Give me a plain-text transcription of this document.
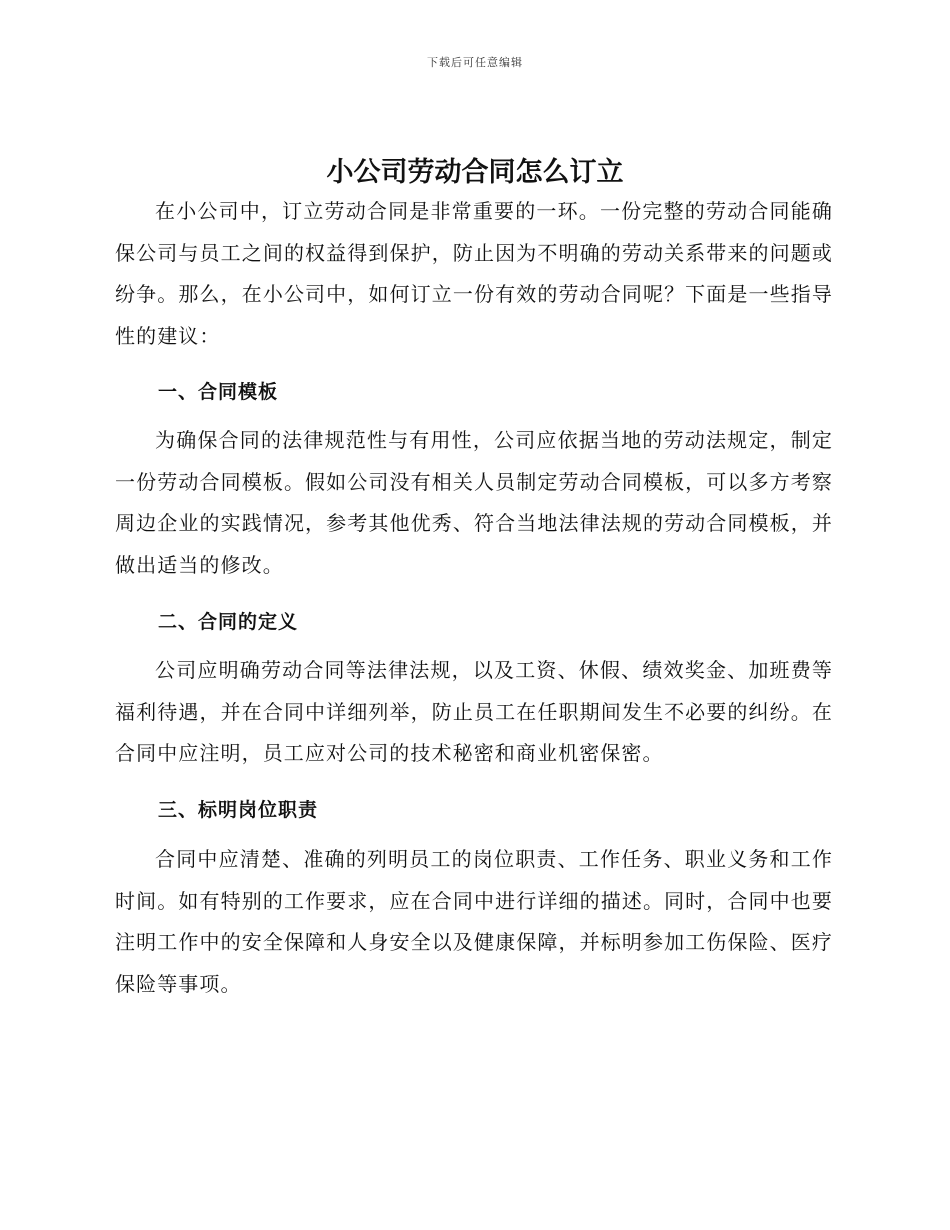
下载后可任意编辑
小公司劳动合同怎么订立

在小公司中，订立劳动合同是非常重要的一环。一份完整的劳动合同能确保公司与员工之间的权益得到保护，防止因为不明确的劳动关系带来的问题或纷争。那么，在小公司中，如何订立一份有效的劳动合同呢？下面是一些指导性的建议：

一、合同模板

为确保合同的法律规范性与有用性，公司应依据当地的劳动法规定，制定一份劳动合同模板。假如公司没有相关人员制定劳动合同模板，可以多方考察周边企业的实践情况，参考其他优秀、符合当地法律法规的劳动合同模板，并做出适当的修改。

二、合同的定义

公司应明确劳动合同等法律法规，以及工资、休假、绩效奖金、加班费等福利待遇，并在合同中详细列举，防止员工在任职期间发生不必要的纠纷。在合同中应注明，员工应对公司的技术秘密和商业机密保密。

三、标明岗位职责

合同中应清楚、准确的列明员工的岗位职责、工作任务、职业义务和工作时间。如有特别的工作要求，应在合同中进行详细的描述。同时，合同中也要注明工作中的安全保障和人身安全以及健康保障，并标明参加工伤保险、医疗保险等事项。
